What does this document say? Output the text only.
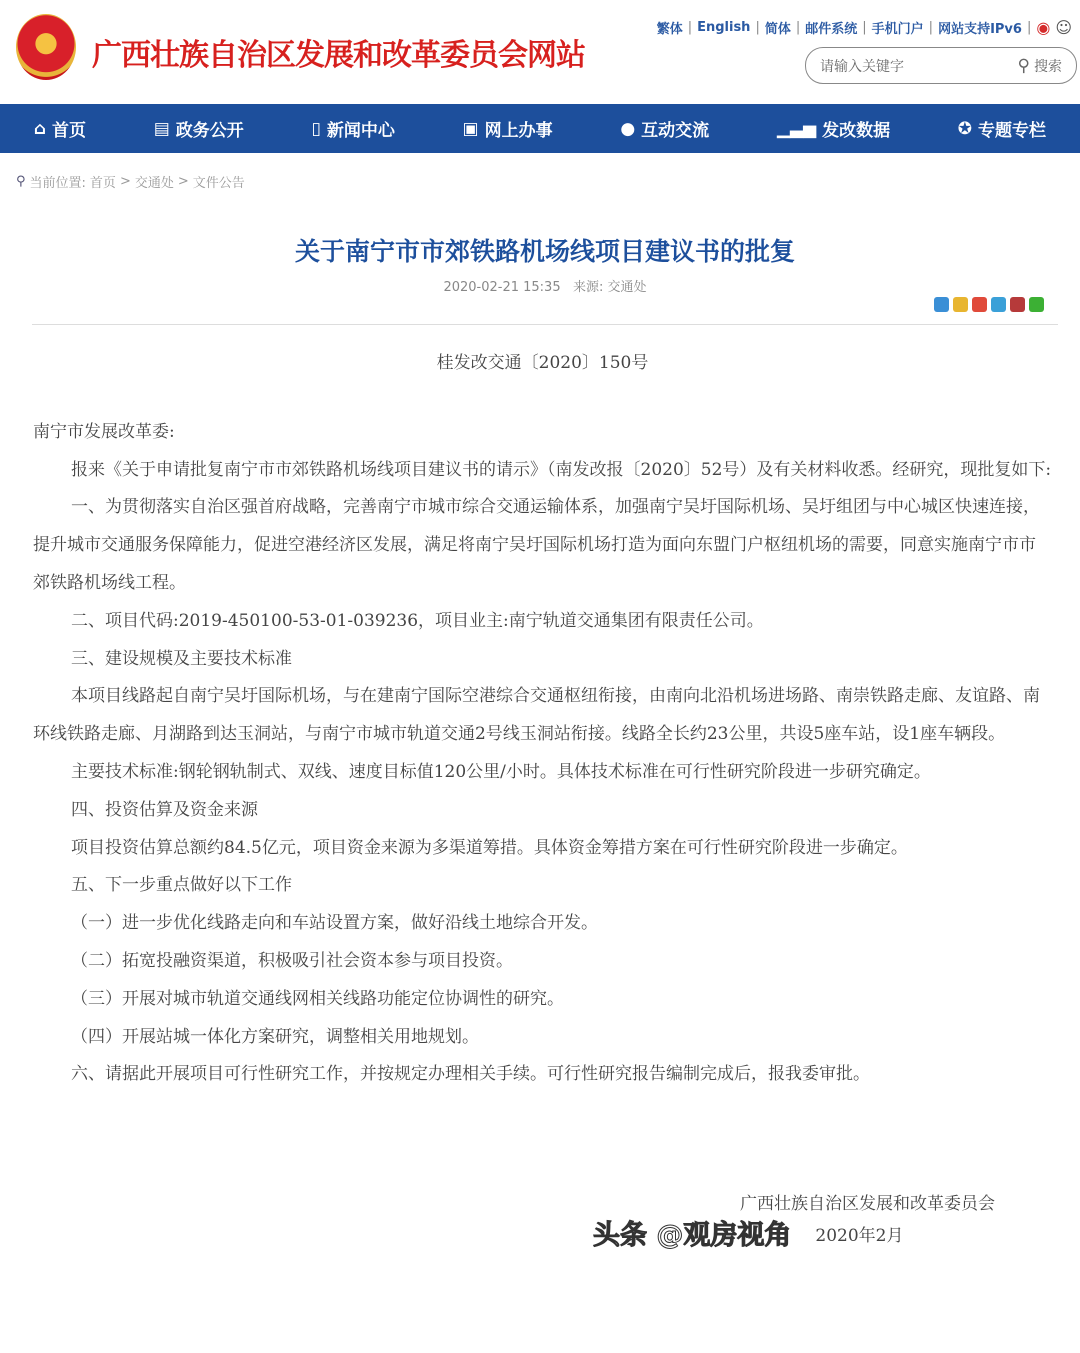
广西壮族自治区发展和改革委员会网站
繁体 | English | 简体 | 邮件系统 | 手机门户 | 网站支持IPv6 | ◉ ☺
请输入关键字	⚲ 搜索
⌂ 首页	▤ 政务公开	▯ 新闻中心	▣ 网上办事	● 互动交流	▁▃▅ 发改数据	✪ 专题专栏
⚲ 当前位置: 首页 > 交通处 > 文件公告
关于南宁市市郊铁路机场线项目建议书的批复
2020-02-21 15:35 来源: 交通处
桂发改交通〔2020〕150号

南宁市发展改革委:

报来《关于申请批复南宁市市郊铁路机场线项目建议书的请示》（南发改报〔2020〕52号）及有关材料收悉。经研究，现批复如下:

一、为贯彻落实自治区强首府战略，完善南宁市城市综合交通运输体系，加强南宁吴圩国际机场、吴圩组团与中心城区快速连接，提升城市交通服务保障能力，促进空港经济区发展，满足将南宁吴圩国际机场打造为面向东盟门户枢纽机场的需要，同意实施南宁市市郊铁路机场线工程。

二、项目代码:2019-450100-53-01-039236，项目业主:南宁轨道交通集团有限责任公司。

三、建设规模及主要技术标准

本项目线路起自南宁吴圩国际机场，与在建南宁国际空港综合交通枢纽衔接，由南向北沿机场进场路、南崇铁路走廊、友谊路、南环线铁路走廊、月湖路到达玉洞站，与南宁市城市轨道交通2号线玉洞站衔接。线路全长约23公里，共设5座车站，设1座车辆段。

主要技术标准:钢轮钢轨制式、双线、速度目标值120公里/小时。具体技术标准在可行性研究阶段进一步研究确定。

四、投资估算及资金来源

项目投资估算总额约84.5亿元，项目资金来源为多渠道筹措。具体资金筹措方案在可行性研究阶段进一步确定。

五、下一步重点做好以下工作

（一）进一步优化线路走向和车站设置方案，做好沿线土地综合开发。

（二）拓宽投融资渠道，积极吸引社会资本参与项目投资。

（三）开展对城市轨道交通线网相关线路功能定位协调性的研究。

（四）开展站城一体化方案研究，调整相关用地规划。

六、请据此开展项目可行性研究工作，并按规定办理相关手续。可行性研究报告编制完成后，报我委审批。

广西壮族自治区发展和改革委员会
头条 @观房视角 2020年2月
